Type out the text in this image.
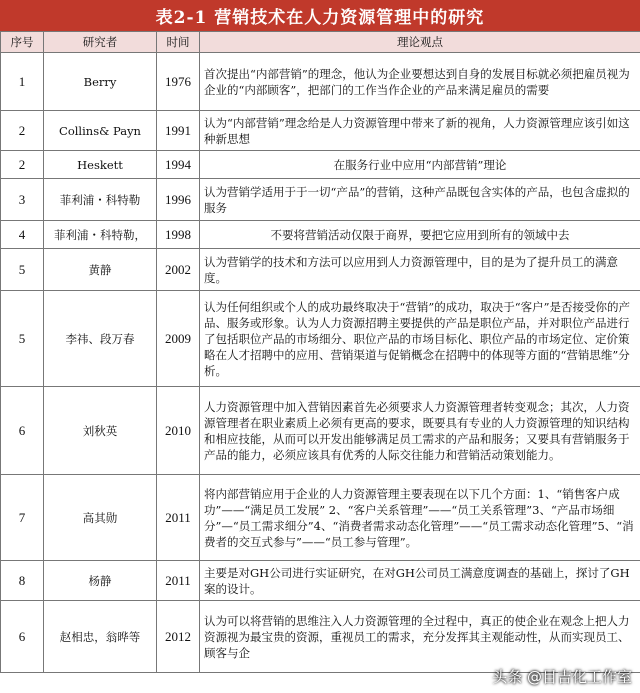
表2-1 营销技术在人力资源管理中的研究
序号	研究者	时间	理论观点
1	Berry	1976	首次提出“内部营销”的理念，他认为企业要想达到自身的发展目标就必须把雇员视为企业的“内部顾客”，把部门的工作当作企业的产品来满足雇员的需要
2	Collins& Payn	1991	认为“内部营销”理念给是人力资源管理中带来了新的视角，人力资源管理应该引如这种新思想
2	Heskett	1994	在服务行业中应用“内部营销”理论
3	菲利浦・科特勒	1996	认为营销学适用于于一切“产品”的营销，这种产品既包含实体的产品，也包含虚拟的服务
4	菲利浦・科特勒，	1998	不要将营销活动仅限于商界，要把它应用到所有的领域中去
5	黄静	2002	认为营销学的技术和方法可以应用到人力资源管理中，目的是为了提升员工的满意度。
5	李祎、段万春	2009	认为任何组织或个人的成功最终取决于“营销”的成功，取决于“客户”是否接受你的产品、服务或形象。认为人力资源招聘主要提供的产品是职位产品，并对职位产品进行了包括职位产品的市场细分、职位产品的市场目标化、职位产品的市场定位、定价策略在人才招聘中的应用、营销渠道与促销概念在招聘中的体现等方面的“营销思维”分析。
6	刘秋英	2010	人力资源管理中加入营销因素首先必须要求人力资源管理者转变观念；其次，人力资源管理者在职业素质上必须有更高的要求，既要具有专业的人力资源管理的知识结构和相应技能，从而可以开发出能够满足员工需求的产品和服务；又要具有营销服务于产品的能力，必须应该具有优秀的人际交往能力和营销活动策划能力。
7	高其勋	2011	将内部营销应用于企业的人力资源管理主要表现在以下几个方面：1、“销售客户成功”——“满足员工发展” 2、“客户关系管理”——“员工关系管理”3、“产品市场细分”—“员工需求细分”4、“消费者需求动态化管理”——“员工需求动态化管理”5、“消费者的交互式参与”——“员工参与管理”。
8	杨静	2011	主要是对GH公司进行实证研究，在对GH公司员工满意度调查的基础上，探讨了GH案的设计。
6	赵相忠，翁晔等	2012	认为可以将营销的思维注入人力资源管理的全过程中，真正的使企业在观念上把人力资源视为最宝贵的资源，重视员工的需求，充分发挥其主观能动性，从而实现员工、顾客与企
头条 @目吉化工作室
